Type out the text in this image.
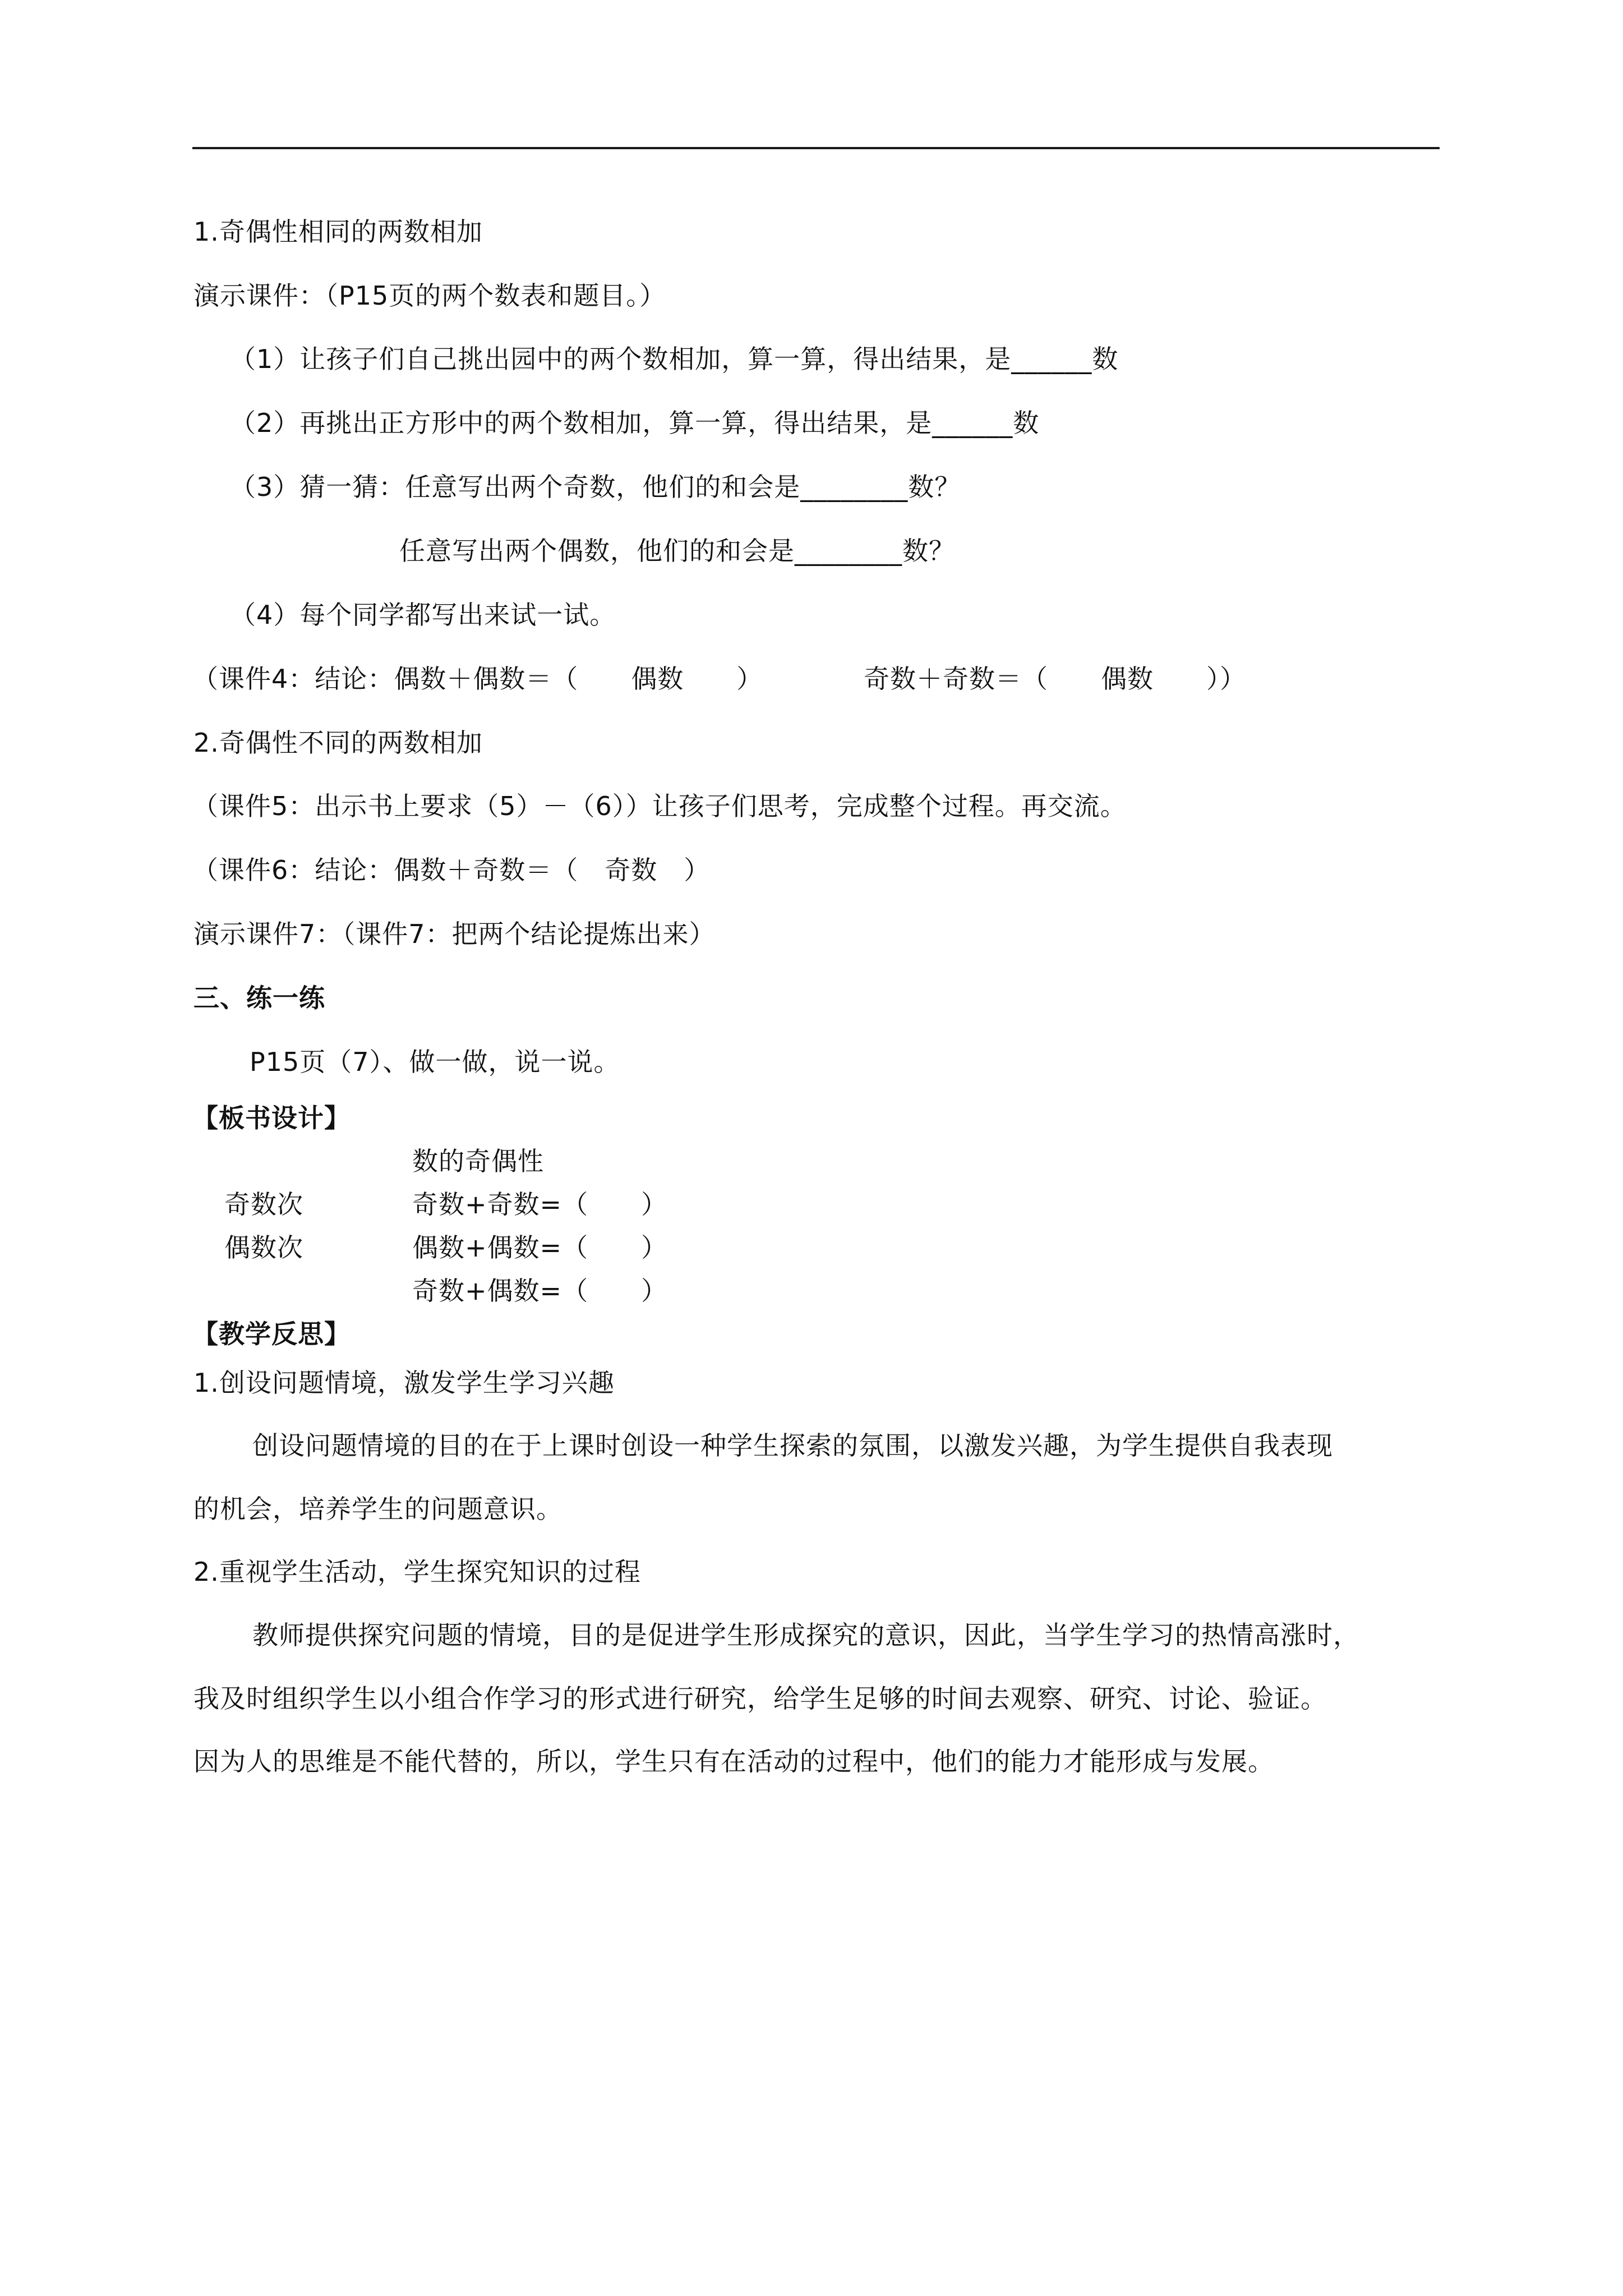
1.奇偶性相同的两数相加
演示课件：（P15页的两个数表和题目。）
（1）让孩子们自己挑出园中的两个数相加，算一算，得出结果，是______数
（2）再挑出正方形中的两个数相加，算一算，得出结果，是______数
（3）猜一猜：任意写出两个奇数，他们的和会是________数？
任意写出两个偶数，他们的和会是________数？
（4）每个同学都写出来试一试。
（课件4：结论：偶数＋偶数＝（　　偶数　　）	奇数＋奇数＝（　　偶数　　））
2.奇偶性不同的两数相加
（课件5：出示书上要求（5）－（6））让孩子们思考，完成整个过程。再交流。
（课件6：结论：偶数＋奇数＝（　奇数　）
演示课件7：（课件7：把两个结论提炼出来）
三、练一练
P15页（7）、做一做，说一说。
【板书设计】
数的奇偶性
奇数次	奇数+奇数=（　　）
偶数次	偶数+偶数=（　　）
奇数+偶数=（　　）
【教学反思】
1.创设问题情境，激发学生学习兴趣
创设问题情境的目的在于上课时创设一种学生探索的氛围，以激发兴趣，为学生提供自我表现
的机会，培养学生的问题意识。
2.重视学生活动，学生探究知识的过程
教师提供探究问题的情境，目的是促进学生形成探究的意识，因此，当学生学习的热情高涨时，
我及时组织学生以小组合作学习的形式进行研究，给学生足够的时间去观察、研究、讨论、验证。
因为人的思维是不能代替的，所以，学生只有在活动的过程中，他们的能力才能形成与发展。
